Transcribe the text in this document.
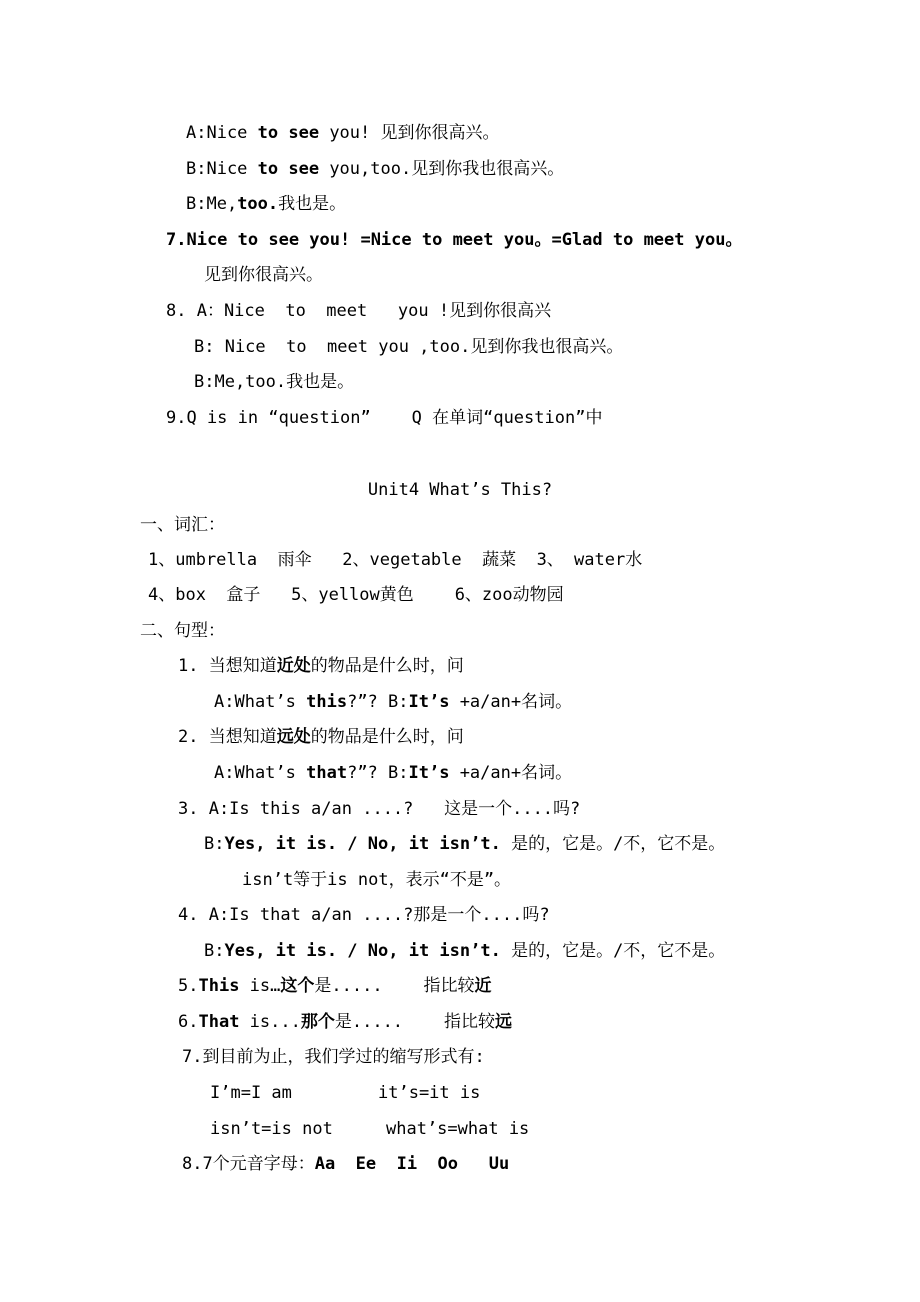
A:Nice to see you! 见到你很高兴。

B:Nice to see you,too.见到你我也很高兴。

B:Me,too.我也是。

7.Nice to see you! =Nice to meet you。=Glad to meet you。

见到你很高兴。

8. A：Nice  to  meet   you !见到你很高兴

B: Nice  to  meet you ,too.见到你我也很高兴。

B:Me,too.我也是。

9.Q is in “question”    Q 在单词“question”中

Unit4 What’s This?

一、词汇：

1、umbrella  雨伞   2、vegetable  蔬菜  3、 water水

4、box  盒子   5、yellow黄色    6、zoo动物园

二、句型：

1. 当想知道近处的物品是什么时，问

A:What’s this?”? B:It’s +a/an+名词。

2. 当想知道远处的物品是什么时，问

A:What’s that?”? B:It’s +a/an+名词。

3. A:Is this a/an ....?   这是一个....吗?

B:Yes, it is. / No, it isn’t. 是的，它是。/不，它不是。

isn’t等于is not，表示“不是”。

4. A:Is that a/an ....?那是一个....吗?

B:Yes, it is. / No, it isn’t. 是的，它是。/不，它不是。

5.This is…这个是.....    指比较近

6.That is...那个是.....    指比较远

7.到目前为止，我们学过的缩写形式有:

I’m=I am	it’s=it is

isn’t=is not	what’s=what is

8.7个元音字母：Aa  Ee  Ii  Oo   Uu
